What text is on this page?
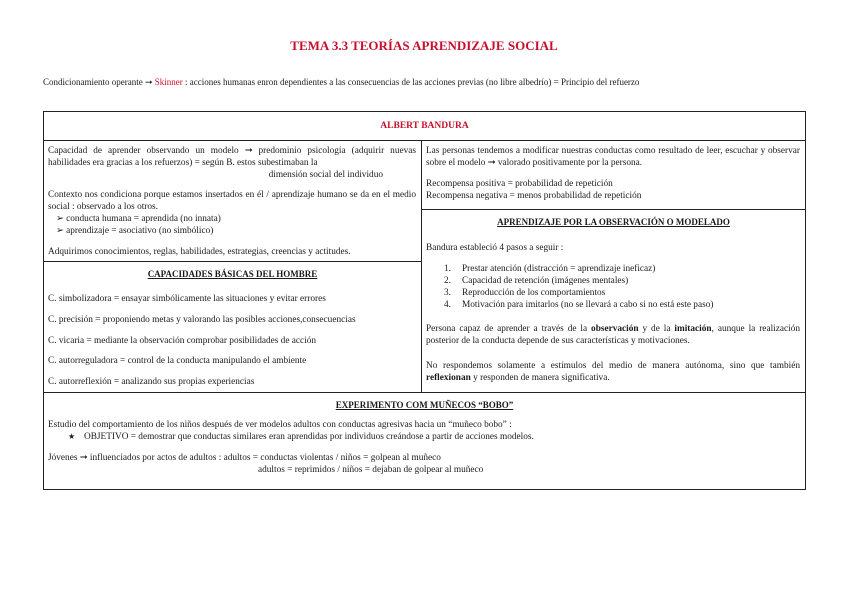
TEMA 3.3 TEORÍAS APRENDIZAJE SOCIAL
Condicionamiento operante ➞ Skinner : acciones humanas enron dependientes a las consecuencias de las acciones previas (no libre albedrío) = Principio del refuerzo
ALBERT BANDURA
Capacidad de aprender observando un modelo ➞ predominio psicología (adquirir nuevas habilidades era gracias a los refuerzos) = según B. estos subestimaban la
dimensión social del individuo
Contexto nos condiciona porque estamos insertados en él / aprendizaje humano se da en el medio social : observado a los otros.
➢ conducta humana = aprendida (no innata)
➢ aprendizaje = asociativo (no simbólico)
Adquirimos conocimientos, reglas, habilidades, estrategias, creencias y actitudes.
Las personas tendemos a modificar nuestras conductas como resultado de leer, escuchar y observar sobre el modelo ➞ valorado positivamente por la persona.
Recompensa positiva = probabilidad de repetición
Recompensa negativa = menos probabilidad de repetición
CAPACIDADES BÁSICAS DEL HOMBRE
C. simbolizadora = ensayar simbólicamente las situaciones y evitar errores
C. precisión = proponiendo metas y valorando las posibles acciones,consecuencias
C. vicaria = mediante la observación comprobar posibilidades de acción
C. autorreguladora = control de la conducta manipulando el ambiente
C. autorreflexión = analizando sus propias experiencias
APRENDIZAJE POR LA OBSERVACIÓN O MODELADO
Bandura estableció 4 pasos a seguir :
1. Prestar atención (distracción = aprendizaje ineficaz)
2. Capacidad de retención (imágenes mentales)
3. Reproducción de los comportamientos
4. Motivación para imitarlos (no se llevará a cabo si no está este paso)
Persona capaz de aprender a través de la observación y de la imitación, aunque la realización posterior de la conducta depende de sus características y motivaciones.
No respondemos solamente a estímulos del medio de manera autónoma, sino que también reflexionan y responden de manera significativa.
EXPERIMENTO COM MUÑECOS “BOBO”
Estudio del comportamiento de los niños después de ver modelos adultos con conductas agresivas hacia un “muñeco bobo” :
★ OBJETIVO = demostrar que conductas similares eran aprendidas por individuos creándose a partir de acciones modelos.
Jóvenes ➞ influenciados por actos de adultos : adultos = conductas violentas / niños = golpean al muñeco
adultos = reprimidos / niños = dejaban de golpear al muñeco
